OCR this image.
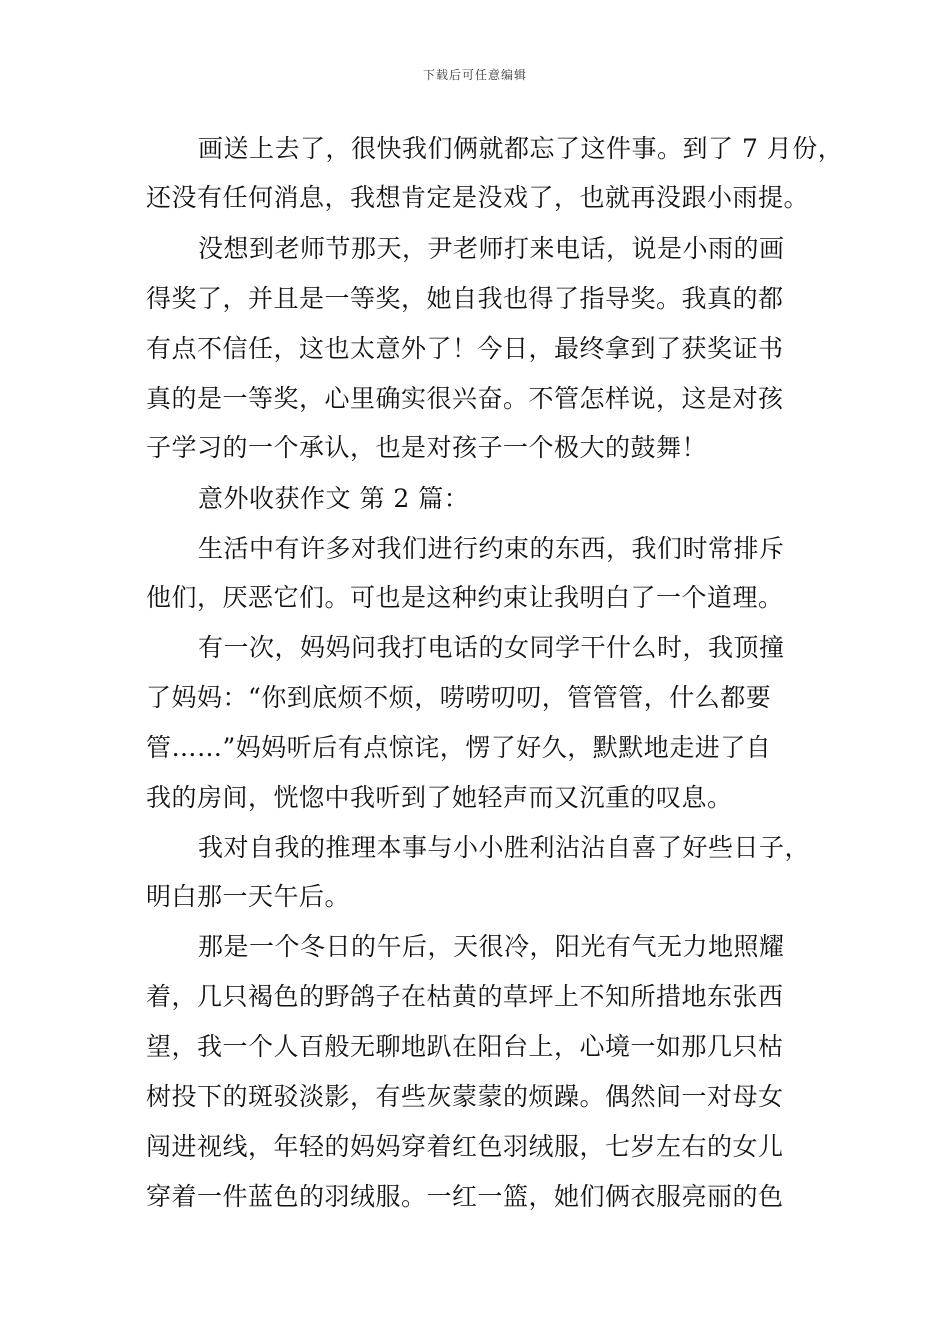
下载后可任意编辑
画送上去了，很快我们俩就都忘了这件事。到了 7 月份，
还没有任何消息，我想肯定是没戏了，也就再没跟小雨提。
没想到老师节那天，尹老师打来电话，说是小雨的画
得奖了，并且是一等奖，她自我也得了指导奖。我真的都
有点不信任，这也太意外了！今日，最终拿到了获奖证书
真的是一等奖，心里确实很兴奋。不管怎样说，这是对孩
子学习的一个承认，也是对孩子一个极大的鼓舞！
意外收获作文 第 2 篇：
生活中有许多对我们进行约束的东西，我们时常排斥
他们，厌恶它们。可也是这种约束让我明白了一个道理。
有一次，妈妈问我打电话的女同学干什么时，我顶撞
了妈妈：“你到底烦不烦，唠唠叨叨，管管管，什么都要
管……”妈妈听后有点惊诧，愣了好久，默默地走进了自
我的房间，恍惚中我听到了她轻声而又沉重的叹息。
我对自我的推理本事与小小胜利沾沾自喜了好些日子，
明白那一天午后。
那是一个冬日的午后，天很冷，阳光有气无力地照耀
着，几只褐色的野鸽子在枯黄的草坪上不知所措地东张西
望，我一个人百般无聊地趴在阳台上，心境一如那几只枯
树投下的斑驳淡影，有些灰蒙蒙的烦躁。偶然间一对母女
闯进视线，年轻的妈妈穿着红色羽绒服，七岁左右的女儿
穿着一件蓝色的羽绒服。一红一篮，她们俩衣服亮丽的色
